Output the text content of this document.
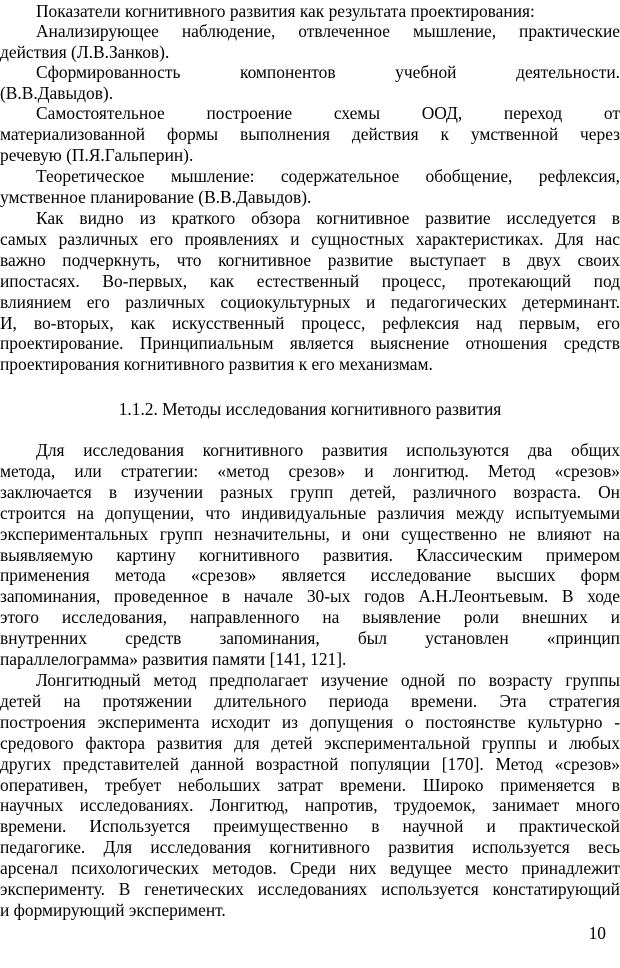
Показатели когнитивного развития как результата проектирования:
Анализирующее наблюдение, отвлеченное мышление, практические
действия (Л.В.Занков).
Сформированность компонентов учебной деятельности.
(В.В.Давыдов).
Самостоятельное построение схемы ООД, переход от
материализованной формы выполнения действия к умственной через
речевую (П.Я.Гальперин).
Теоретическое мышление: содержательное обобщение, рефлексия,
умственное планирование (В.В.Давыдов).
Как видно из краткого обзора когнитивное развитие исследуется в
самых различных его проявлениях и сущностных характеристиках. Для нас
важно подчеркнуть, что когнитивное развитие выступает в двух своих
ипостасях. Во-первых, как естественный процесс, протекающий под
влиянием его различных социокультурных и педагогических детерминант.
И, во-вторых, как искусственный процесс, рефлексия над первым, его
проектирование. Принципиальным является выяснение отношения средств
проектирования когнитивного развития к его механизмам.
Для исследования когнитивного развития используются два общих
метода, или стратегии: «метод срезов» и лонгитюд. Метод «срезов»
заключается в изучении разных групп детей, различного возраста. Он
строится на допущении, что индивидуальные различия между испытуемыми
экспериментальных групп незначительны, и они существенно не влияют на
выявляемую картину когнитивного развития. Классическим примером
применения метода «срезов» является исследование высших форм
запоминания, проведенное в начале 30-ых годов А.Н.Леонтьевым. В ходе
этого исследования, направленного на выявление роли внешних и
внутренних средств запоминания, был установлен «принцип
параллелограмма» развития памяти [141, 121].
Лонгитюдный метод предполагает изучение одной по возрасту группы
детей на протяжении длительного периода времени. Эта стратегия
построения эксперимента исходит из допущения о постоянстве культурно -
средового фактора развития для детей экспериментальной группы и любых
других представителей данной возрастной популяции [170]. Метод «срезов»
оперативен, требует небольших затрат времени. Широко применяется в
научных исследованиях. Лонгитюд, напротив, трудоемок, занимает много
времени. Используется преимущественно в научной и практической
педагогике. Для исследования когнитивного развития используется весь
арсенал психологических методов. Среди них ведущее место принадлежит
эксперименту. В генетических исследованиях используется констатирующий
и формирующий эксперимент.
1.1.2. Методы исследования когнитивного развития
10
